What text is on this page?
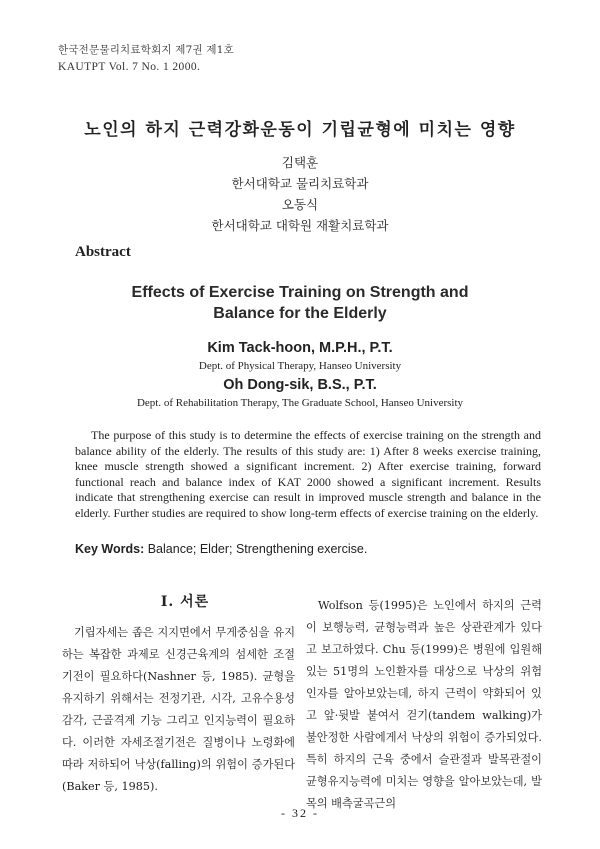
한국전문물리치료학회지 제7권 제1호
KAUTPT Vol. 7 No. 1 2000.
노인의 하지 근력강화운동이 기립균형에 미치는 영향
김택훈
한서대학교 물리치료학과
오동식
한서대학교 대학원 재활치료학과
Abstract
Effects of Exercise Training on Strength and
Balance for the Elderly
Kim Tack-hoon, M.P.H., P.T.
Dept. of Physical Therapy, Hanseo University
Oh Dong-sik, B.S., P.T.
Dept. of Rehabilitation Therapy, The Graduate School, Hanseo University
The purpose of this study is to determine the effects of exercise training on the strength and balance ability of the elderly. The results of this study are: 1) After 8 weeks exercise training, knee muscle strength showed a significant increment. 2) After exercise training, forward functional reach and balance index of KAT 2000 showed a significant increment. Results indicate that strengthening exercise can result in improved muscle strength and balance in the elderly. Further studies are required to show long-term effects of exercise training on the elderly.
Key Words: Balance; Elder; Strengthening exercise.
Ⅰ. 서론
기립자세는 좁은 지지면에서 무게중심을 유지하는 복잡한 과제로 신경근육계의 섬세한 조절기전이 필요하다(Nashner 등, 1985). 균형을 유지하기 위해서는 전정기관, 시각, 고유수용성감각, 근골격계 기능 그리고 인지능력이 필요하다. 이러한 자세조절기전은 질병이나 노령화에 따라 저하되어 낙상(falling)의 위험이 증가된다(Baker 등, 1985).
Wolfson 등(1995)은 노인에서 하지의 근력이 보행능력, 균형능력과 높은 상관관계가 있다고 보고하였다. Chu 등(1999)은 병원에 입원해 있는 51명의 노인환자를 대상으로 낙상의 위험인자를 알아보았는데, 하지 근력이 약화되어 있고 앞·뒷발 붙여서 걷기(tandem walking)가 불안정한 사람에게서 낙상의 위험이 증가되었다. 특히 하지의 근육 중에서 슬관절과 발목관절이 균형유지능력에 미치는 영향을 알아보았는데, 발목의 배측굴곡근의
- 32 -
